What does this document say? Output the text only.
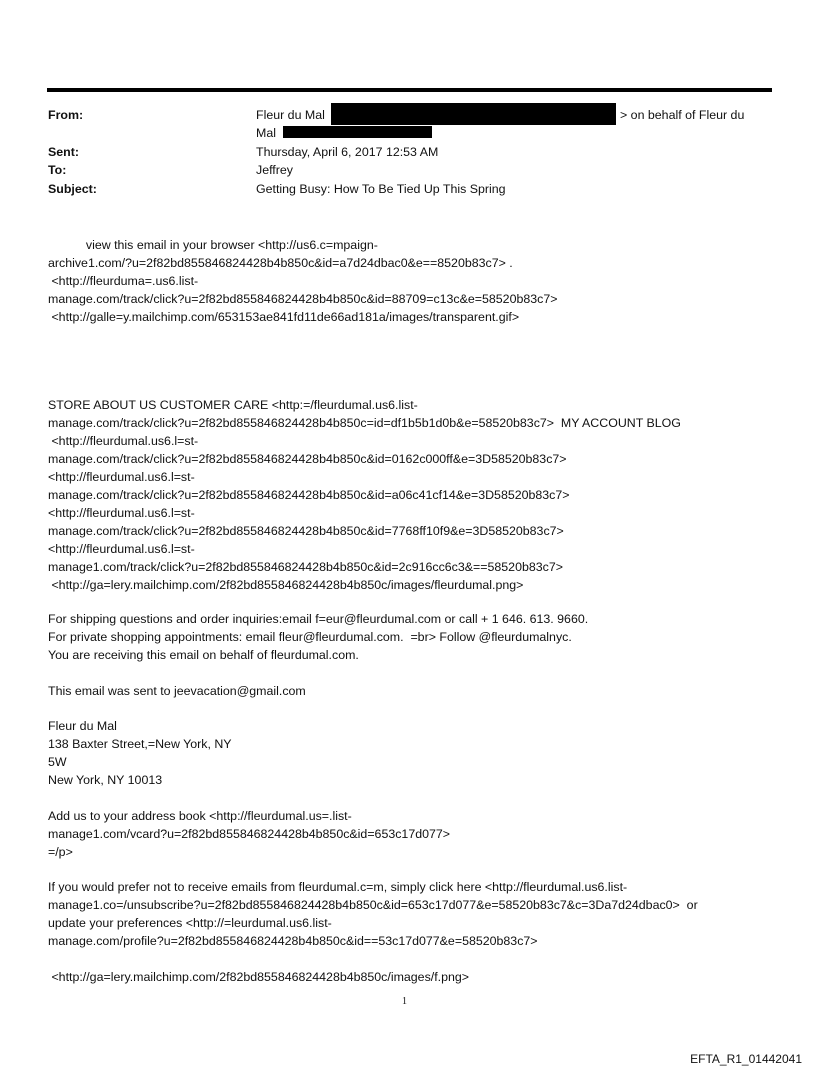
From:	Fleur du Mal	> on behalf of Fleur du
Mal
Sent:	Thursday, April 6, 2017 12:53 AM
To:	Jeffrey
Subject:	Getting Busy: How To Be Tied Up This Spring
view this email in your browser <http://us6.c=mpaign-
archive1.com/?u=2f82bd855846824428b4b850c&id=a7d24dbac0&e==8520b83c7> .
<http://fleurduma=.us6.list-
manage.com/track/click?u=2f82bd855846824428b4b850c&id=88709=c13c&e=58520b83c7>
<http://galle=y.mailchimp.com/653153ae841fd11de66ad181a/images/transparent.gif>
STORE ABOUT US CUSTOMER CARE <http:=/fleurdumal.us6.list-
manage.com/track/click?u=2f82bd855846824428b4b850c=id=df1b5b1d0b&e=58520b83c7>  MY ACCOUNT BLOG
<http://fleurdumal.us6.l=st-
manage.com/track/click?u=2f82bd855846824428b4b850c&id=0162c000ff&e=3D58520b83c7>
<http://fleurdumal.us6.l=st-
manage.com/track/click?u=2f82bd855846824428b4b850c&id=a06c41cf14&e=3D58520b83c7>
<http://fleurdumal.us6.l=st-
manage.com/track/click?u=2f82bd855846824428b4b850c&id=7768ff10f9&e=3D58520b83c7>
<http://fleurdumal.us6.l=st-
manage1.com/track/click?u=2f82bd855846824428b4b850c&id=2c916cc6c3&==58520b83c7>
<http://ga=lery.mailchimp.com/2f82bd855846824428b4b850c/images/fleurdumal.png>
For shipping questions and order inquiries:email f=eur@fleurdumal.com or call + 1 646. 613. 9660.
For private shopping appointments: email fleur@fleurdumal.com.  =br> Follow @fleurdumalnyc.
You are receiving this email on behalf of fleurdumal.com.
This email was sent to jeevacation@gmail.com
Fleur du Mal
138 Baxter Street,=New York, NY
5W
New York, NY 10013
Add us to your address book <http://fleurdumal.us=.list-
manage1.com/vcard?u=2f82bd855846824428b4b850c&id=653c17d077>
=/p>
If you would prefer not to receive emails from fleurdumal.c=m, simply click here <http://fleurdumal.us6.list-
manage1.co=/unsubscribe?u=2f82bd855846824428b4b850c&id=653c17d077&e=58520b83c7&c=3Da7d24dbac0>  or
update your preferences <http://=leurdumal.us6.list-
manage.com/profile?u=2f82bd855846824428b4b850c&id==53c17d077&e=58520b83c7>
<http://ga=lery.mailchimp.com/2f82bd855846824428b4b850c/images/f.png>
1
EFTA_R1_01442041
